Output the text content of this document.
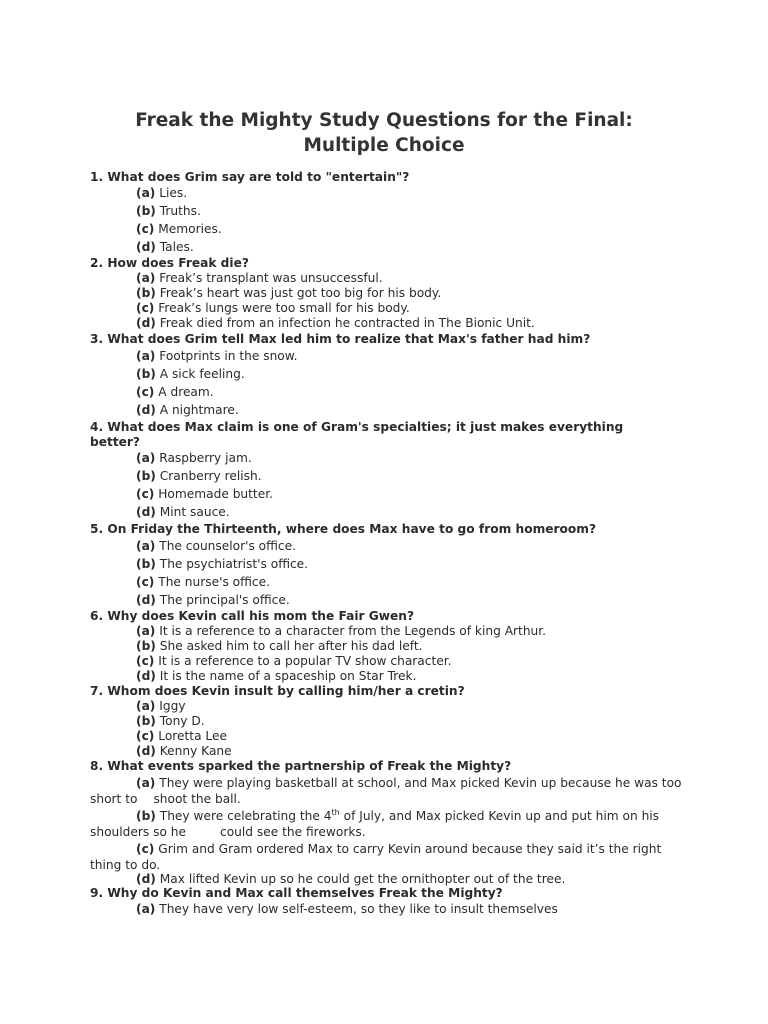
Freak the Mighty Study Questions for the Final: Multiple Choice
1. What does Grim say are told to "entertain"?
(a) Lies.
(b) Truths.
(c) Memories.
(d) Tales.
2. How does Freak die?
(a) Freak’s transplant was unsuccessful.
(b) Freak’s heart was just got too big for his body.
(c) Freak’s lungs were too small for his body.
(d) Freak died from an infection he contracted in The Bionic Unit.
3. What does Grim tell Max led him to realize that Max's father had him?
(a) Footprints in the snow.
(b) A sick feeling.
(c) A dream.
(d) A nightmare.
4. What does Max claim is one of Gram's specialties; it just makes everything better?
(a) Raspberry jam.
(b) Cranberry relish.
(c) Homemade butter.
(d) Mint sauce.
5. On Friday the Thirteenth, where does Max have to go from homeroom?
(a) The counselor's office.
(b) The psychiatrist's office.
(c) The nurse's office.
(d) The principal's office.
6. Why does Kevin call his mom the Fair Gwen?
(a) It is a reference to a character from the Legends of king Arthur.
(b) She asked him to call her after his dad left.
(c) It is a reference to a popular TV show character.
(d) It is the name of a spaceship on Star Trek.
7. Whom does Kevin insult by calling him/her a cretin?
(a) Iggy
(b) Tony D.
(c) Loretta Lee
(d) Kenny Kane
8. What events sparked the partnership of Freak the Mighty?
(a) They were playing basketball at school, and Max picked Kevin up because he was too short to shoot the ball.
(b) They were celebrating the 4th of July, and Max picked Kevin up and put him on his shoulders so he	could see the fireworks.
(c) Grim and Gram ordered Max to carry Kevin around because they said it’s the right thing to do.
(d) Max lifted Kevin up so he could get the ornithopter out of the tree.
9. Why do Kevin and Max call themselves Freak the Mighty?
(a) They have very low self-esteem, so they like to insult themselves
